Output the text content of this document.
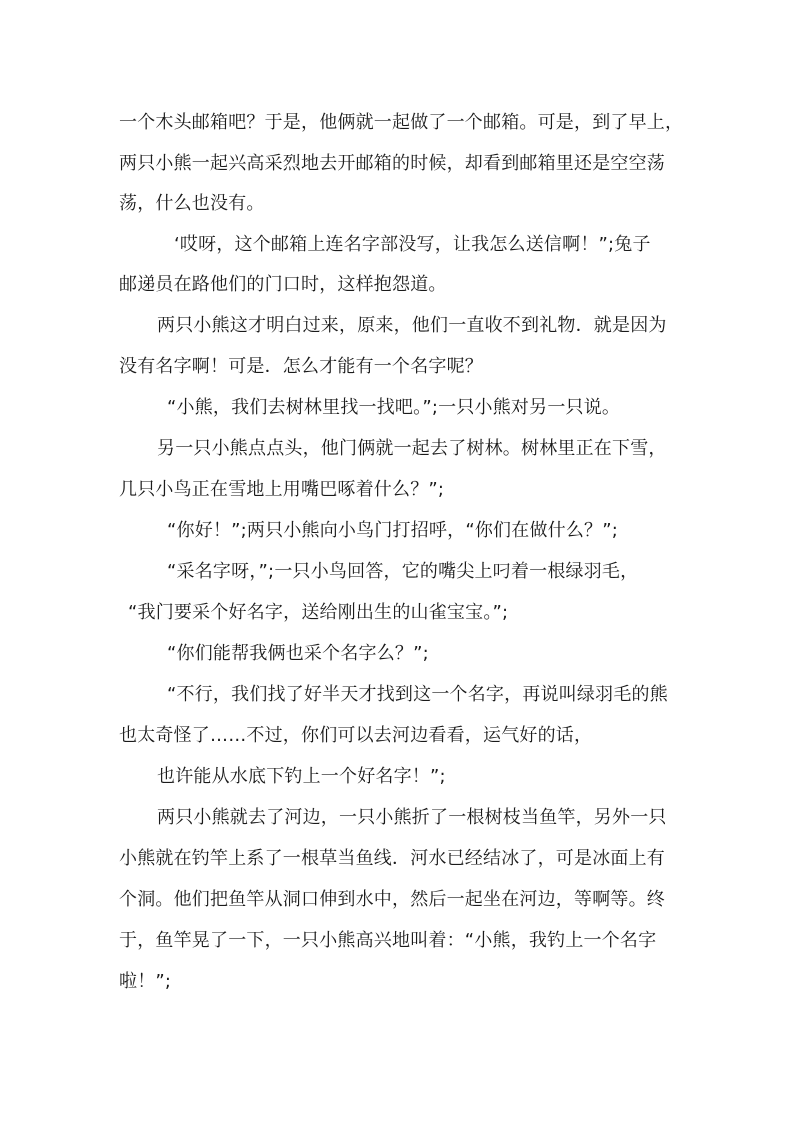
一个木头邮箱吧？于是，他俩就一起做了一个邮箱。可是，到了早上，
两只小熊一起兴高采烈地去开邮箱的时候，却看到邮箱里还是空空荡
荡，什么也没有。
‘哎呀，这个邮箱上连名字部没写，让我怎么送信啊！”;兔子
邮递员在路他们的门口时，这样抱怨道。
两只小熊这才明白过来，原来，他们一直收不到礼物．就是因为
没有名字啊！可是．怎么才能有一个名字呢？
“小熊，我们去树林里找一找吧。”;一只小熊对另一只说。
另一只小熊点点头，他门俩就一起去了树林。树林里正在下雪，
几只小鸟正在雪地上用嘴巴啄着什么？”;
“你好！”;两只小熊向小鸟门打招呼，“你们在做什么？”;
“采名字呀，”;一只小鸟回答，它的嘴尖上叼着一根绿羽毛，
“我门要采个好名字，送给刚出生的山雀宝宝。”;
“你们能帮我俩也采个名字么？”;
“不行，我们找了好半天才找到这一个名字，再说叫绿羽毛的熊
也太奇怪了……不过，你们可以去河边看看，运气好的话，
也许能从水底下钓上一个好名字！”;
两只小熊就去了河边，一只小熊折了一根树枝当鱼竿，另外一只
小熊就在钓竿上系了一根草当鱼线．河水已经结冰了，可是冰面上有
个洞。他们把鱼竿从洞口伸到水中，然后一起坐在河边，等啊等。终
于，鱼竿晃了一下，一只小熊高兴地叫着：“小熊，我钓上一个名字
啦！”;
